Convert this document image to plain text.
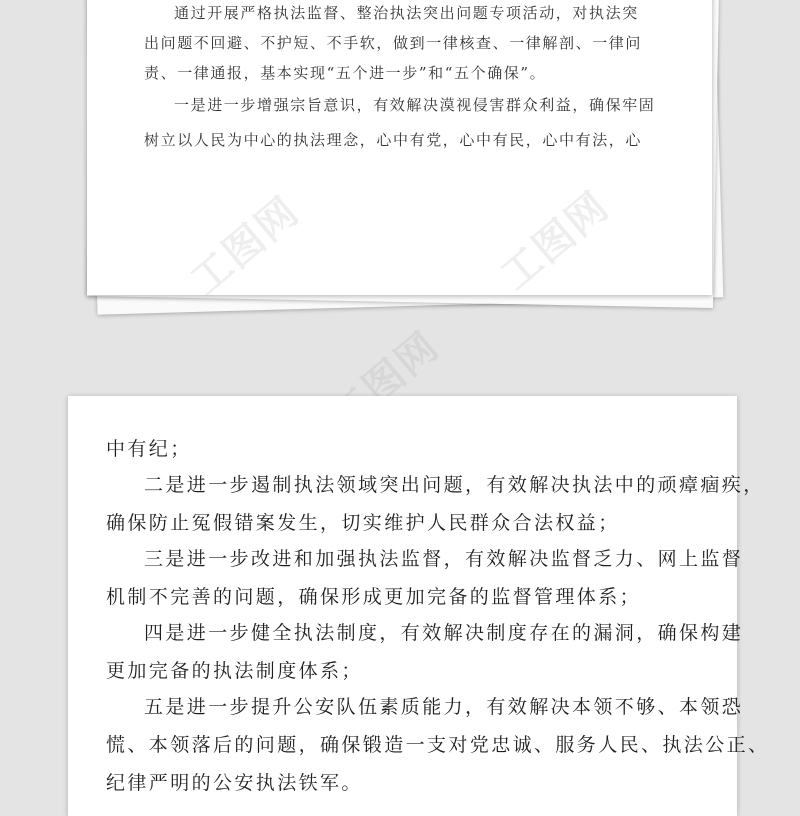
通过开展严格执法监督、整治执法突出问题专项活动，对执法突

出问题不回避、不护短、不手软，做到一律核查、一律解剖、一律问

责、一律通报，基本实现“五个进一步”和“五个确保”。

一是进一步增强宗旨意识，有效解决漠视侵害群众利益，确保牢固

树立以人民为中心的执法理念，心中有党，心中有民，心中有法，心

工图网

中有纪；

二是进一步遏制执法领域突出问题，有效解决执法中的顽瘴痼疾，

确保防止冤假错案发生，切实维护人民群众合法权益；

三是进一步改进和加强执法监督，有效解决监督乏力、网上监督

机制不完善的问题，确保形成更加完备的监督管理体系；

四是进一步健全执法制度，有效解决制度存在的漏洞，确保构建

更加完备的执法制度体系；

五是进一步提升公安队伍素质能力，有效解决本领不够、本领恐

慌、本领落后的问题，确保锻造一支对党忠诚、服务人民、执法公正、

纪律严明的公安执法铁军。
